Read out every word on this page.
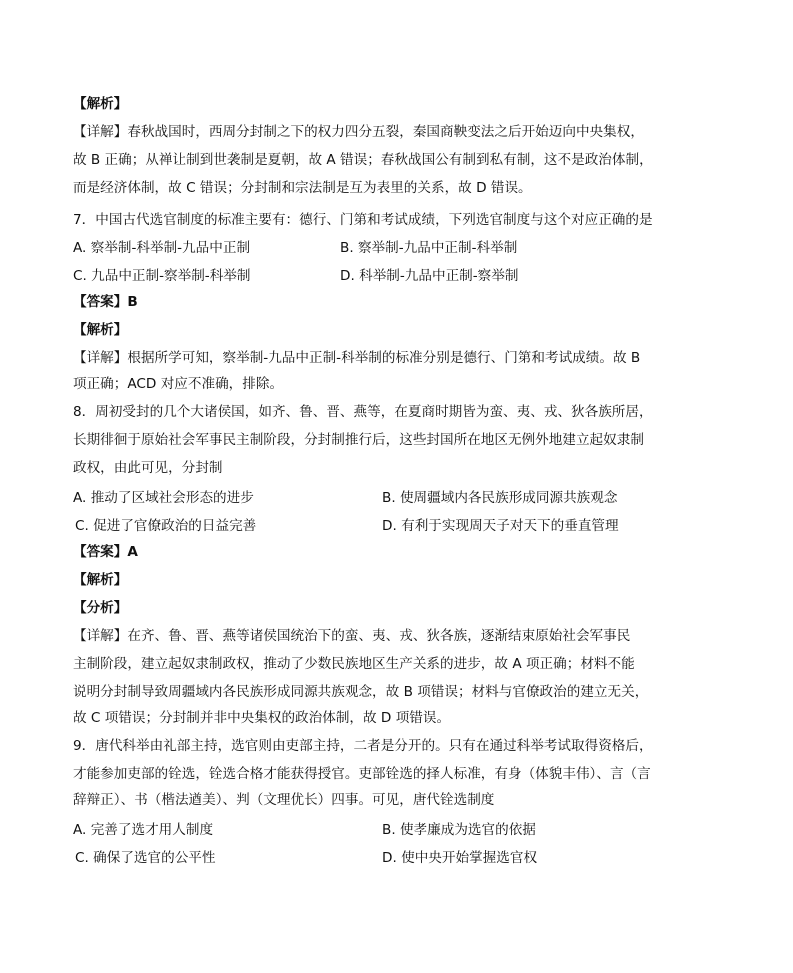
【解析】
【详解】春秋战国时，西周分封制之下的权力四分五裂，秦国商鞅变法之后开始迈向中央集权，
故 B 正确；从禅让制到世袭制是夏朝，故 A 错误；春秋战国公有制到私有制，这不是政治体制，
而是经济体制，故 C 错误；分封制和宗法制是互为表里的关系，故 D 错误。
7．中国古代选官制度的标准主要有：德行、门第和考试成绩，下列选官制度与这个对应正确的是
A. 察举制-科举制-九品中正制	B. 察举制-九品中正制-科举制
C. 九品中正制-察举制-科举制	D. 科举制-九品中正制-察举制
【答案】B
【解析】
【详解】根据所学可知，察举制-九品中正制-科举制的标准分别是德行、门第和考试成绩。故 B
项正确；ACD 对应不准确，排除。
8．周初受封的几个大诸侯国，如齐、鲁、晋、燕等，在夏商时期皆为蛮、夷、戎、狄各族所居，
长期徘徊于原始社会军事民主制阶段，分封制推行后，这些封国所在地区无例外地建立起奴隶制
政权，由此可见，分封制
A. 推动了区域社会形态的进步	B. 使周疆域内各民族形成同源共族观念
C. 促进了官僚政治的日益完善	D. 有利于实现周天子对天下的垂直管理
【答案】A
【解析】
【分析】
【详解】在齐、鲁、晋、燕等诸侯国统治下的蛮、夷、戎、狄各族，逐渐结束原始社会军事民
主制阶段，建立起奴隶制政权，推动了少数民族地区生产关系的进步，故 A 项正确；材料不能
说明分封制导致周疆域内各民族形成同源共族观念，故 B 项错误；材料与官僚政治的建立无关，
故 C 项错误；分封制并非中央集权的政治体制，故 D 项错误。
9．唐代科举由礼部主持，选官则由吏部主持，二者是分开的。只有在通过科举考试取得资格后，
才能参加吏部的铨选，铨选合格才能获得授官。吏部铨选的择人标准，有身（体貌丰伟）、言（言
辞辩正）、书（楷法遒美）、判（文理优长）四事。可见，唐代铨选制度
A. 完善了选才用人制度	B. 使孝廉成为选官的依据
C. 确保了选官的公平性	D. 使中央开始掌握选官权
